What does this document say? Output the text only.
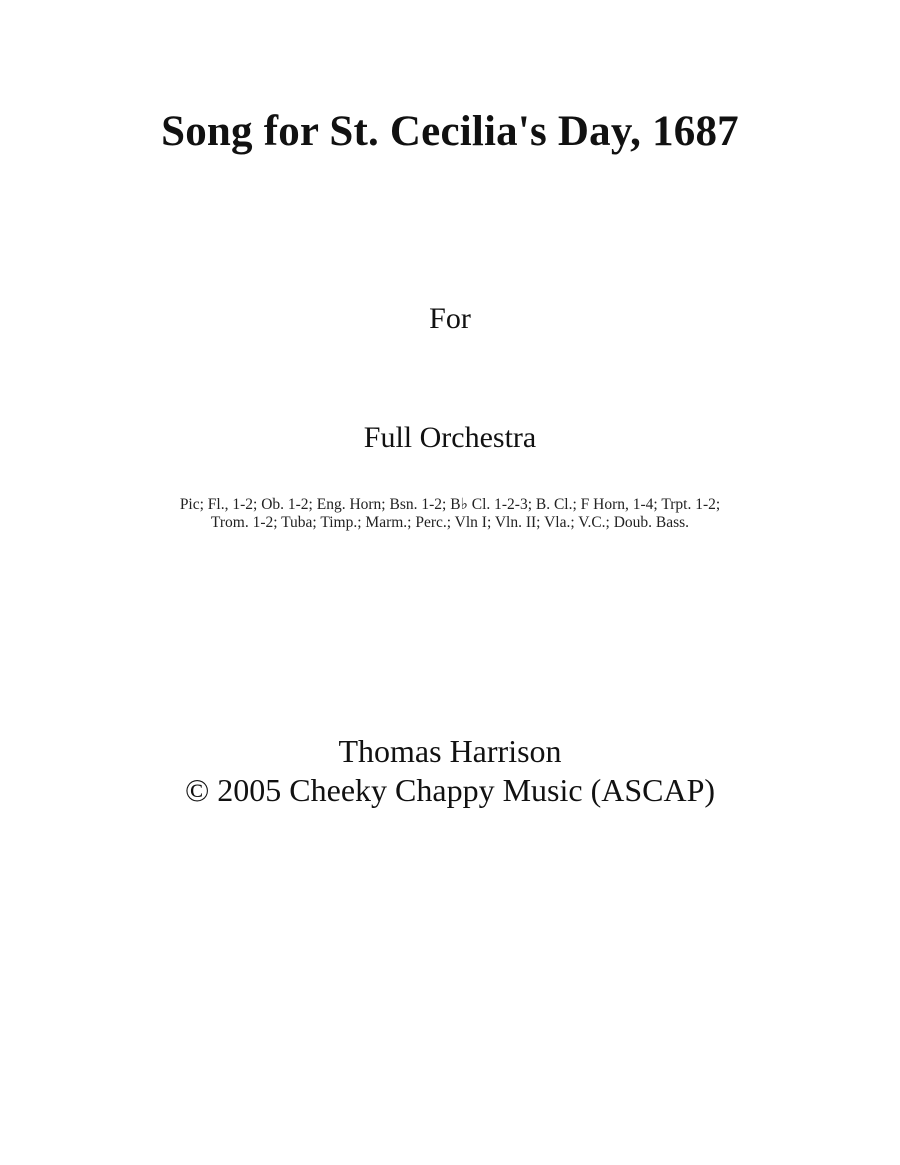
Song for St. Cecilia's Day, 1687
For
Full Orchestra
Pic; Fl., 1-2; Ob. 1-2; Eng. Horn; Bsn. 1-2; B♭ Cl. 1-2-3; B. Cl.; F Horn, 1-4; Trpt. 1-2;
Trom. 1-2; Tuba; Timp.; Marm.; Perc.; Vln I; Vln. II; Vla.; V.C.; Doub. Bass.
Thomas Harrison
© 2005 Cheeky Chappy Music (ASCAP)
